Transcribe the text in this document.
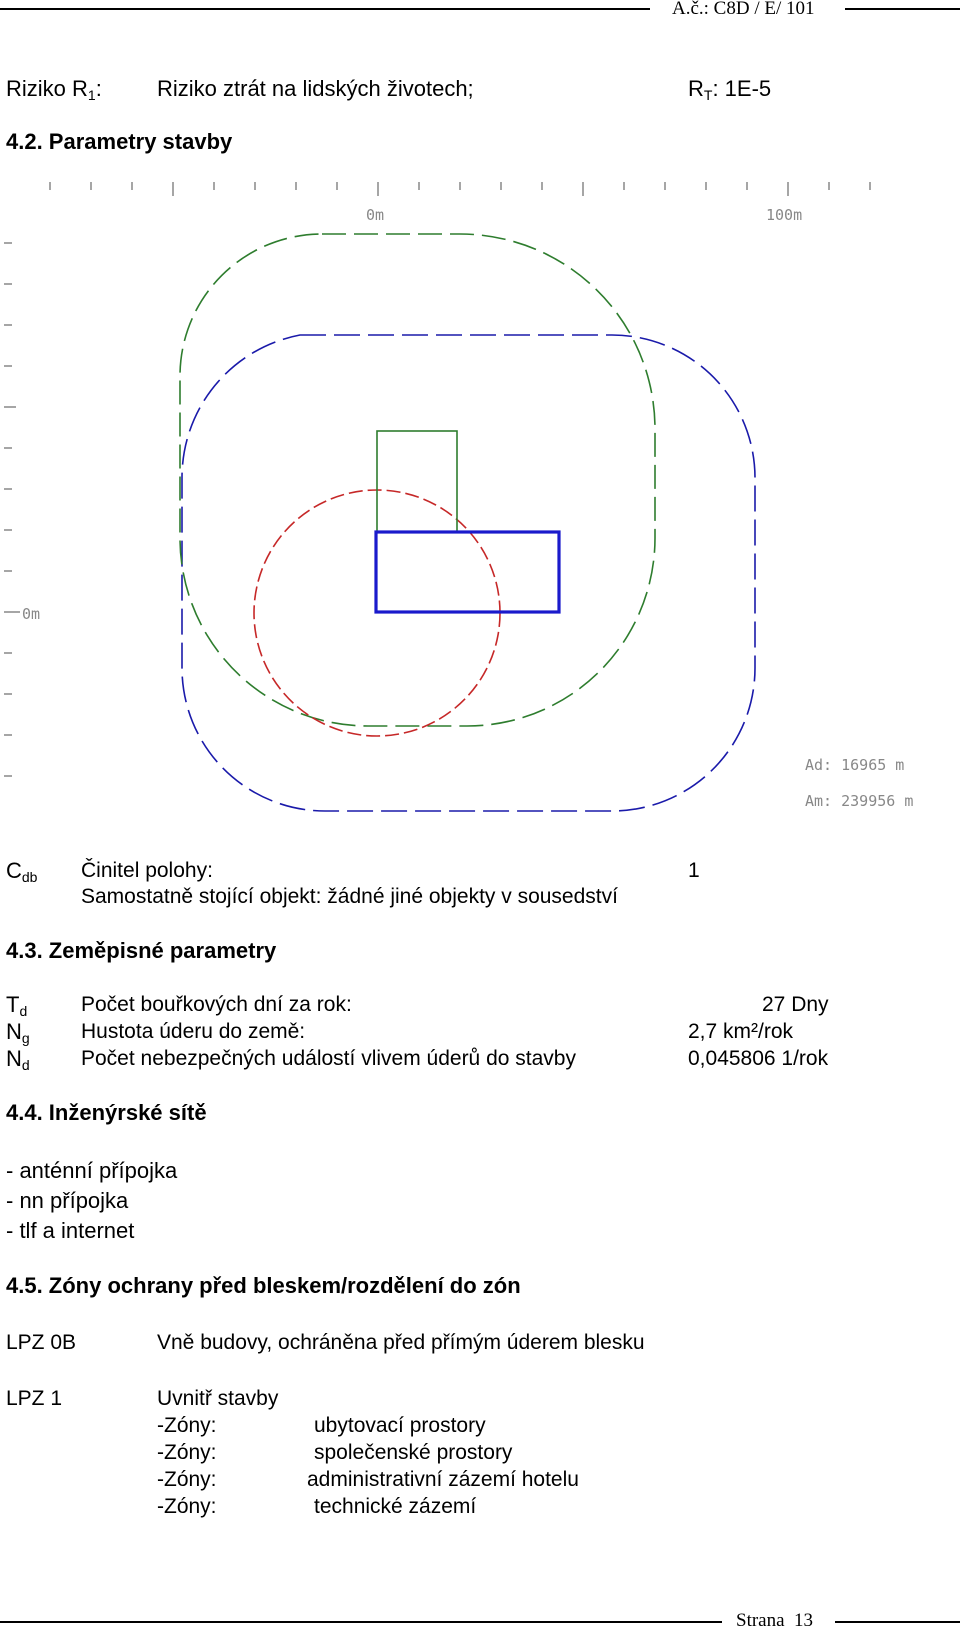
A.č.: C8D / E/ 101
Riziko $R_1$:	Riziko ztrát na lidských životech;	$R_T$: 1E-5
4.2. Parametry stavby
0m	100m
0m
Ad: 16965 m
Am: 239956 m
$C_{db}$ Činitel polohy:	1
Samostatně stojící objekt: žádné jiné objekty v sousedství
4.3. Zeměpisné parametry
$T_d$	Počet bouřkových dní za rok:	27 Dny
$N_g$ Hustota úderu do země:	2,7 km²/rok
$N_d$ Počet nebezpečných událostí vlivem úderů do stavby	0,045806 1/rok
4.4. Inženýrské sítě
- anténní přípojka
- nn přípojka
- tlf a internet
4.5. Zóny ochrany před bleskem/rozdělení do zón
LPZ 0B	Vně budovy, ochráněna před přímým úderem blesku
LPZ 1	Uvnitř stavby
-Zóny:	ubytovací prostory
-Zóny:	společenské prostory
-Zóny:	administrativní zázemí hotelu
-Zóny:	technické zázemí
Strana  13
